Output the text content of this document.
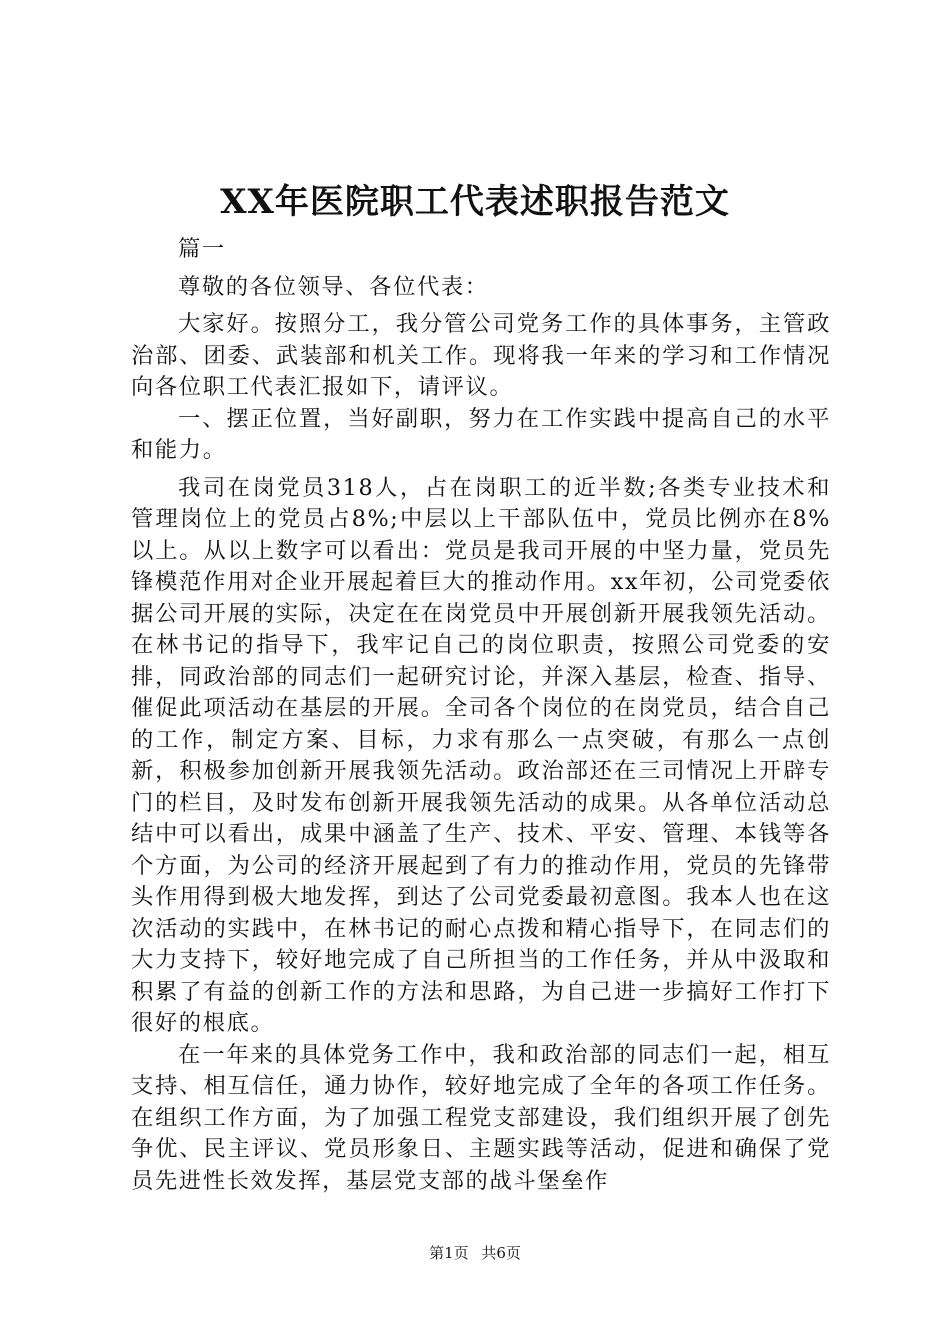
XX年医院职工代表述职报告范文

篇一

尊敬的各位领导、各位代表：

大家好。按照分工，我分管公司党务工作的具体事务，主管政治部、团委、武装部和机关工作。现将我一年来的学习和工作情况向各位职工代表汇报如下，请评议。

一、摆正位置，当好副职，努力在工作实践中提高自己的水平和能力。

我司在岗党员318人，占在岗职工的近半数;各类专业技术和管理岗位上的党员占8%;中层以上干部队伍中，党员比例亦在8%以上。从以上数字可以看出：党员是我司开展的中坚力量，党员先锋模范作用对企业开展起着巨大的推动作用。xx年初，公司党委依据公司开展的实际，决定在在岗党员中开展创新开展我领先活动。在林书记的指导下，我牢记自己的岗位职责，按照公司党委的安排，同政治部的同志们一起研究讨论，并深入基层，检查、指导、催促此项活动在基层的开展。全司各个岗位的在岗党员，结合自己的工作，制定方案、目标，力求有那么一点突破，有那么一点创新，积极参加创新开展我领先活动。政治部还在三司情况上开辟专门的栏目，及时发布创新开展我领先活动的成果。从各单位活动总结中可以看出，成果中涵盖了生产、技术、平安、管理、本钱等各个方面，为公司的经济开展起到了有力的推动作用，党员的先锋带头作用得到极大地发挥，到达了公司党委最初意图。我本人也在这次活动的实践中，在林书记的耐心点拨和精心指导下，在同志们的大力支持下，较好地完成了自己所担当的工作任务，并从中汲取和积累了有益的创新工作的方法和思路，为自己进一步搞好工作打下很好的根底。

在一年来的具体党务工作中，我和政治部的同志们一起，相互支持、相互信任，通力协作，较好地完成了全年的各项工作任务。在组织工作方面，为了加强工程党支部建设，我们组织开展了创先争优、民主评议、党员形象日、主题实践等活动，促进和确保了党员先进性长效发挥，基层党支部的战斗堡垒作

第1页 共6页
